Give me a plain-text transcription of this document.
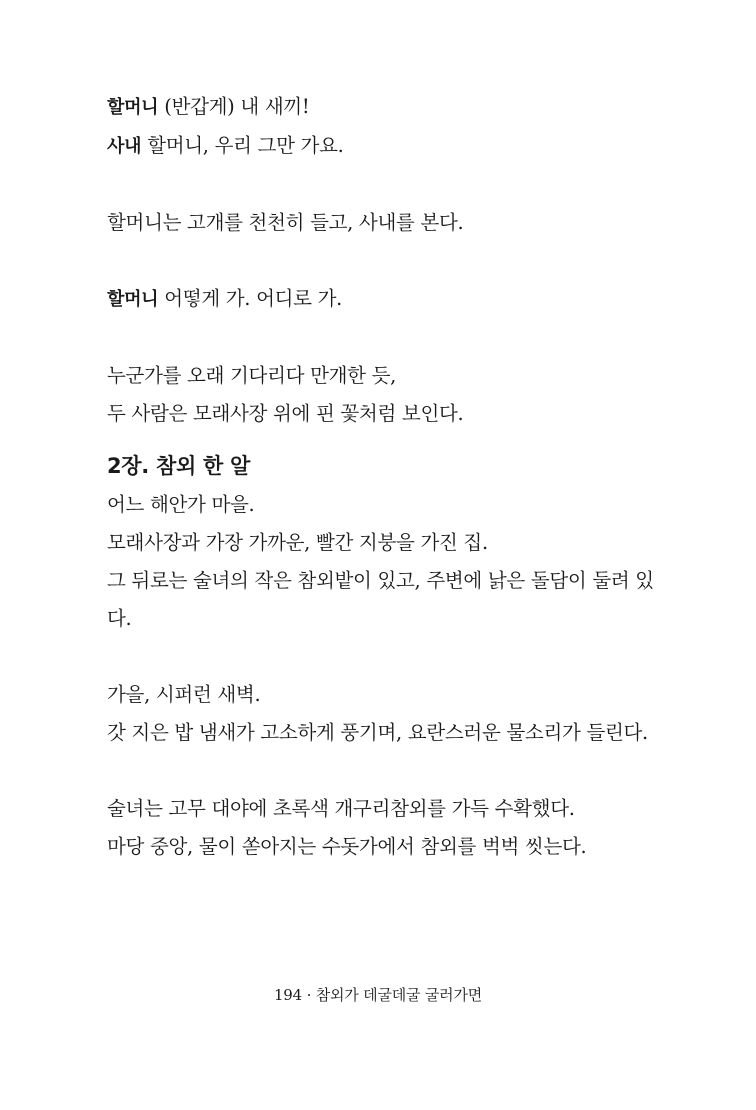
할머니 (반갑게) 내 새끼!
사내 할머니, 우리 그만 가요.
할머니는 고개를 천천히 들고, 사내를 본다.
할머니 어떻게 가. 어디로 가.
누군가를 오래 기다리다 만개한 듯,
두 사람은 모래사장 위에 핀 꽃처럼 보인다.
2장. 참외 한 알
어느 해안가 마을.
모래사장과 가장 가까운, 빨간 지붕을 가진 집.
그 뒤로는 술녀의 작은 참외밭이 있고, 주변에 낡은 돌담이 둘려 있
다.
가을, 시퍼런 새벽.
갓 지은 밥 냄새가 고소하게 풍기며, 요란스러운 물소리가 들린다.
술녀는 고무 대야에 초록색 개구리참외를 가득 수확했다.
마당 중앙, 물이 쏟아지는 수돗가에서 참외를 벅벅 씻는다.
194 · 참외가 데굴데굴 굴러가면
